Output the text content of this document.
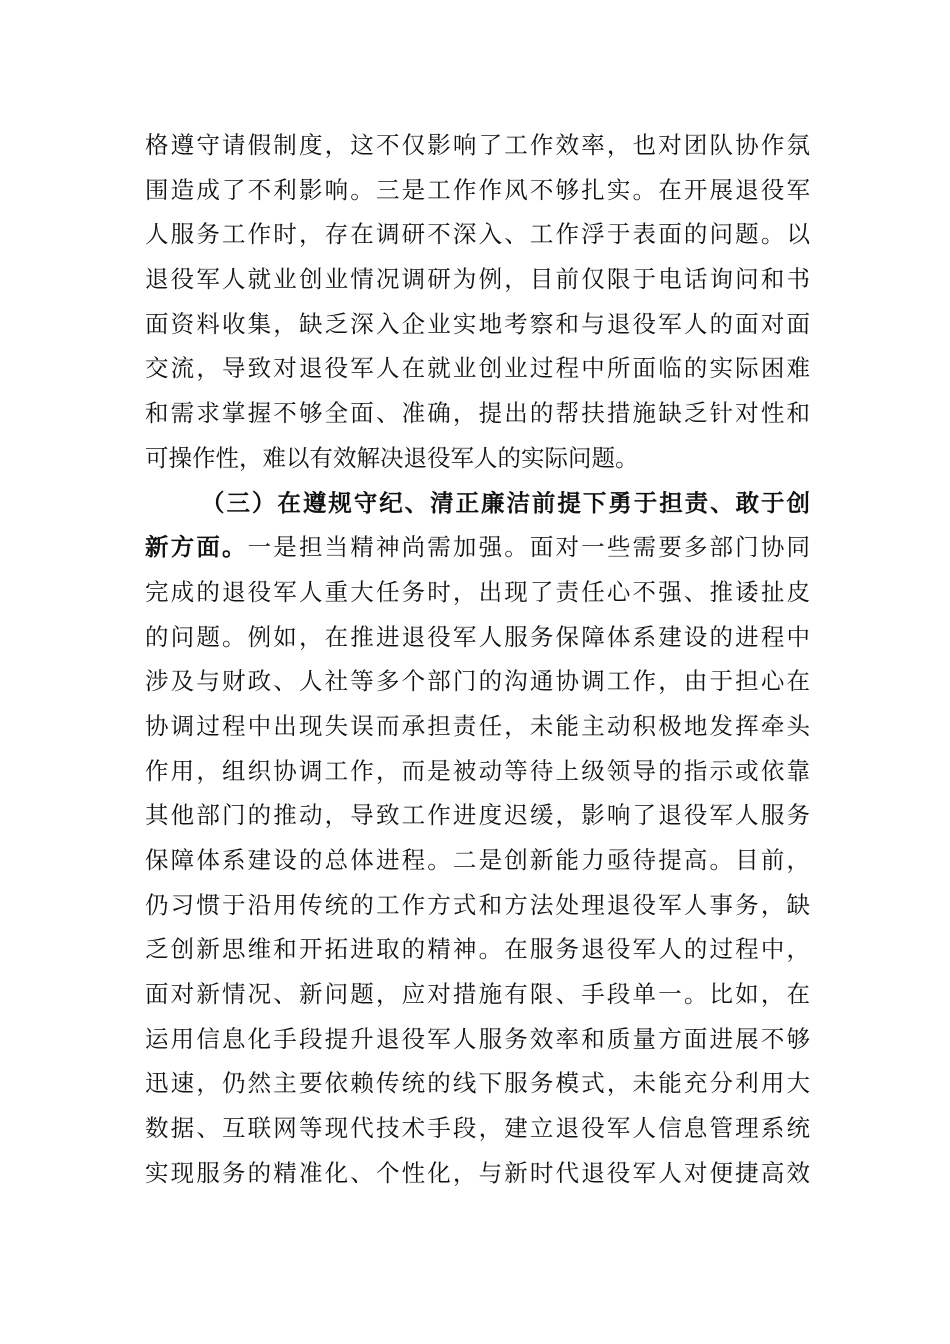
格遵守请假制度，这不仅影响了工作效率，也对团队协作氛
围造成了不利影响。三是工作作风不够扎实。在开展退役军
人服务工作时，存在调研不深入、工作浮于表面的问题。以
退役军人就业创业情况调研为例，目前仅限于电话询问和书
面资料收集，缺乏深入企业实地考察和与退役军人的面对面
交流，导致对退役军人在就业创业过程中所面临的实际困难
和需求掌握不够全面、准确，提出的帮扶措施缺乏针对性和
可操作性，难以有效解决退役军人的实际问题。
（三）在遵规守纪、清正廉洁前提下勇于担责、敢于创
新方面。一是担当精神尚需加强。面对一些需要多部门协同
完成的退役军人重大任务时，出现了责任心不强、推诿扯皮
的问题。例如，在推进退役军人服务保障体系建设的进程中
涉及与财政、人社等多个部门的沟通协调工作，由于担心在
协调过程中出现失误而承担责任，未能主动积极地发挥牵头
作用，组织协调工作，而是被动等待上级领导的指示或依靠
其他部门的推动，导致工作进度迟缓，影响了退役军人服务
保障体系建设的总体进程。二是创新能力亟待提高。目前，
仍习惯于沿用传统的工作方式和方法处理退役军人事务，缺
乏创新思维和开拓进取的精神。在服务退役军人的过程中，
面对新情况、新问题，应对措施有限、手段单一。比如，在
运用信息化手段提升退役军人服务效率和质量方面进展不够
迅速，仍然主要依赖传统的线下服务模式，未能充分利用大
数据、互联网等现代技术手段，建立退役军人信息管理系统
实现服务的精准化、个性化，与新时代退役军人对便捷高效
